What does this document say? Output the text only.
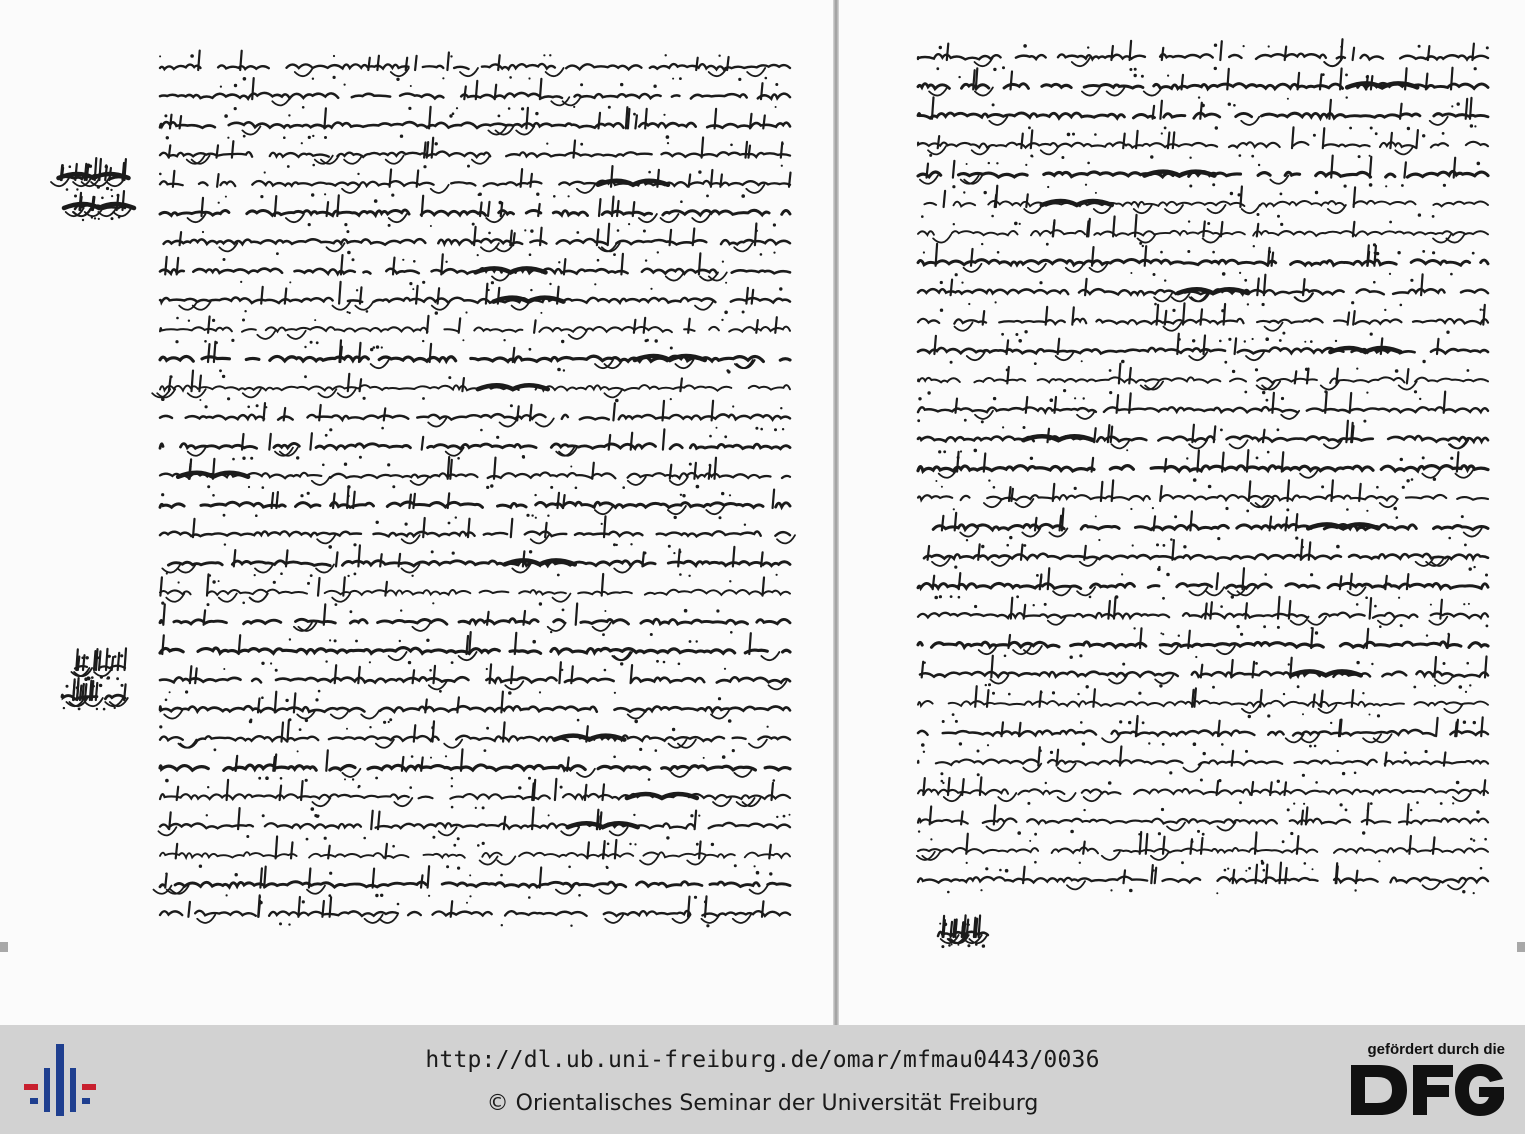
http://dl.ub.uni-freiburg.de/omar/mfmau0443/0036
© Orientalisches Seminar der Universität Freiburg
gefördert durch die
